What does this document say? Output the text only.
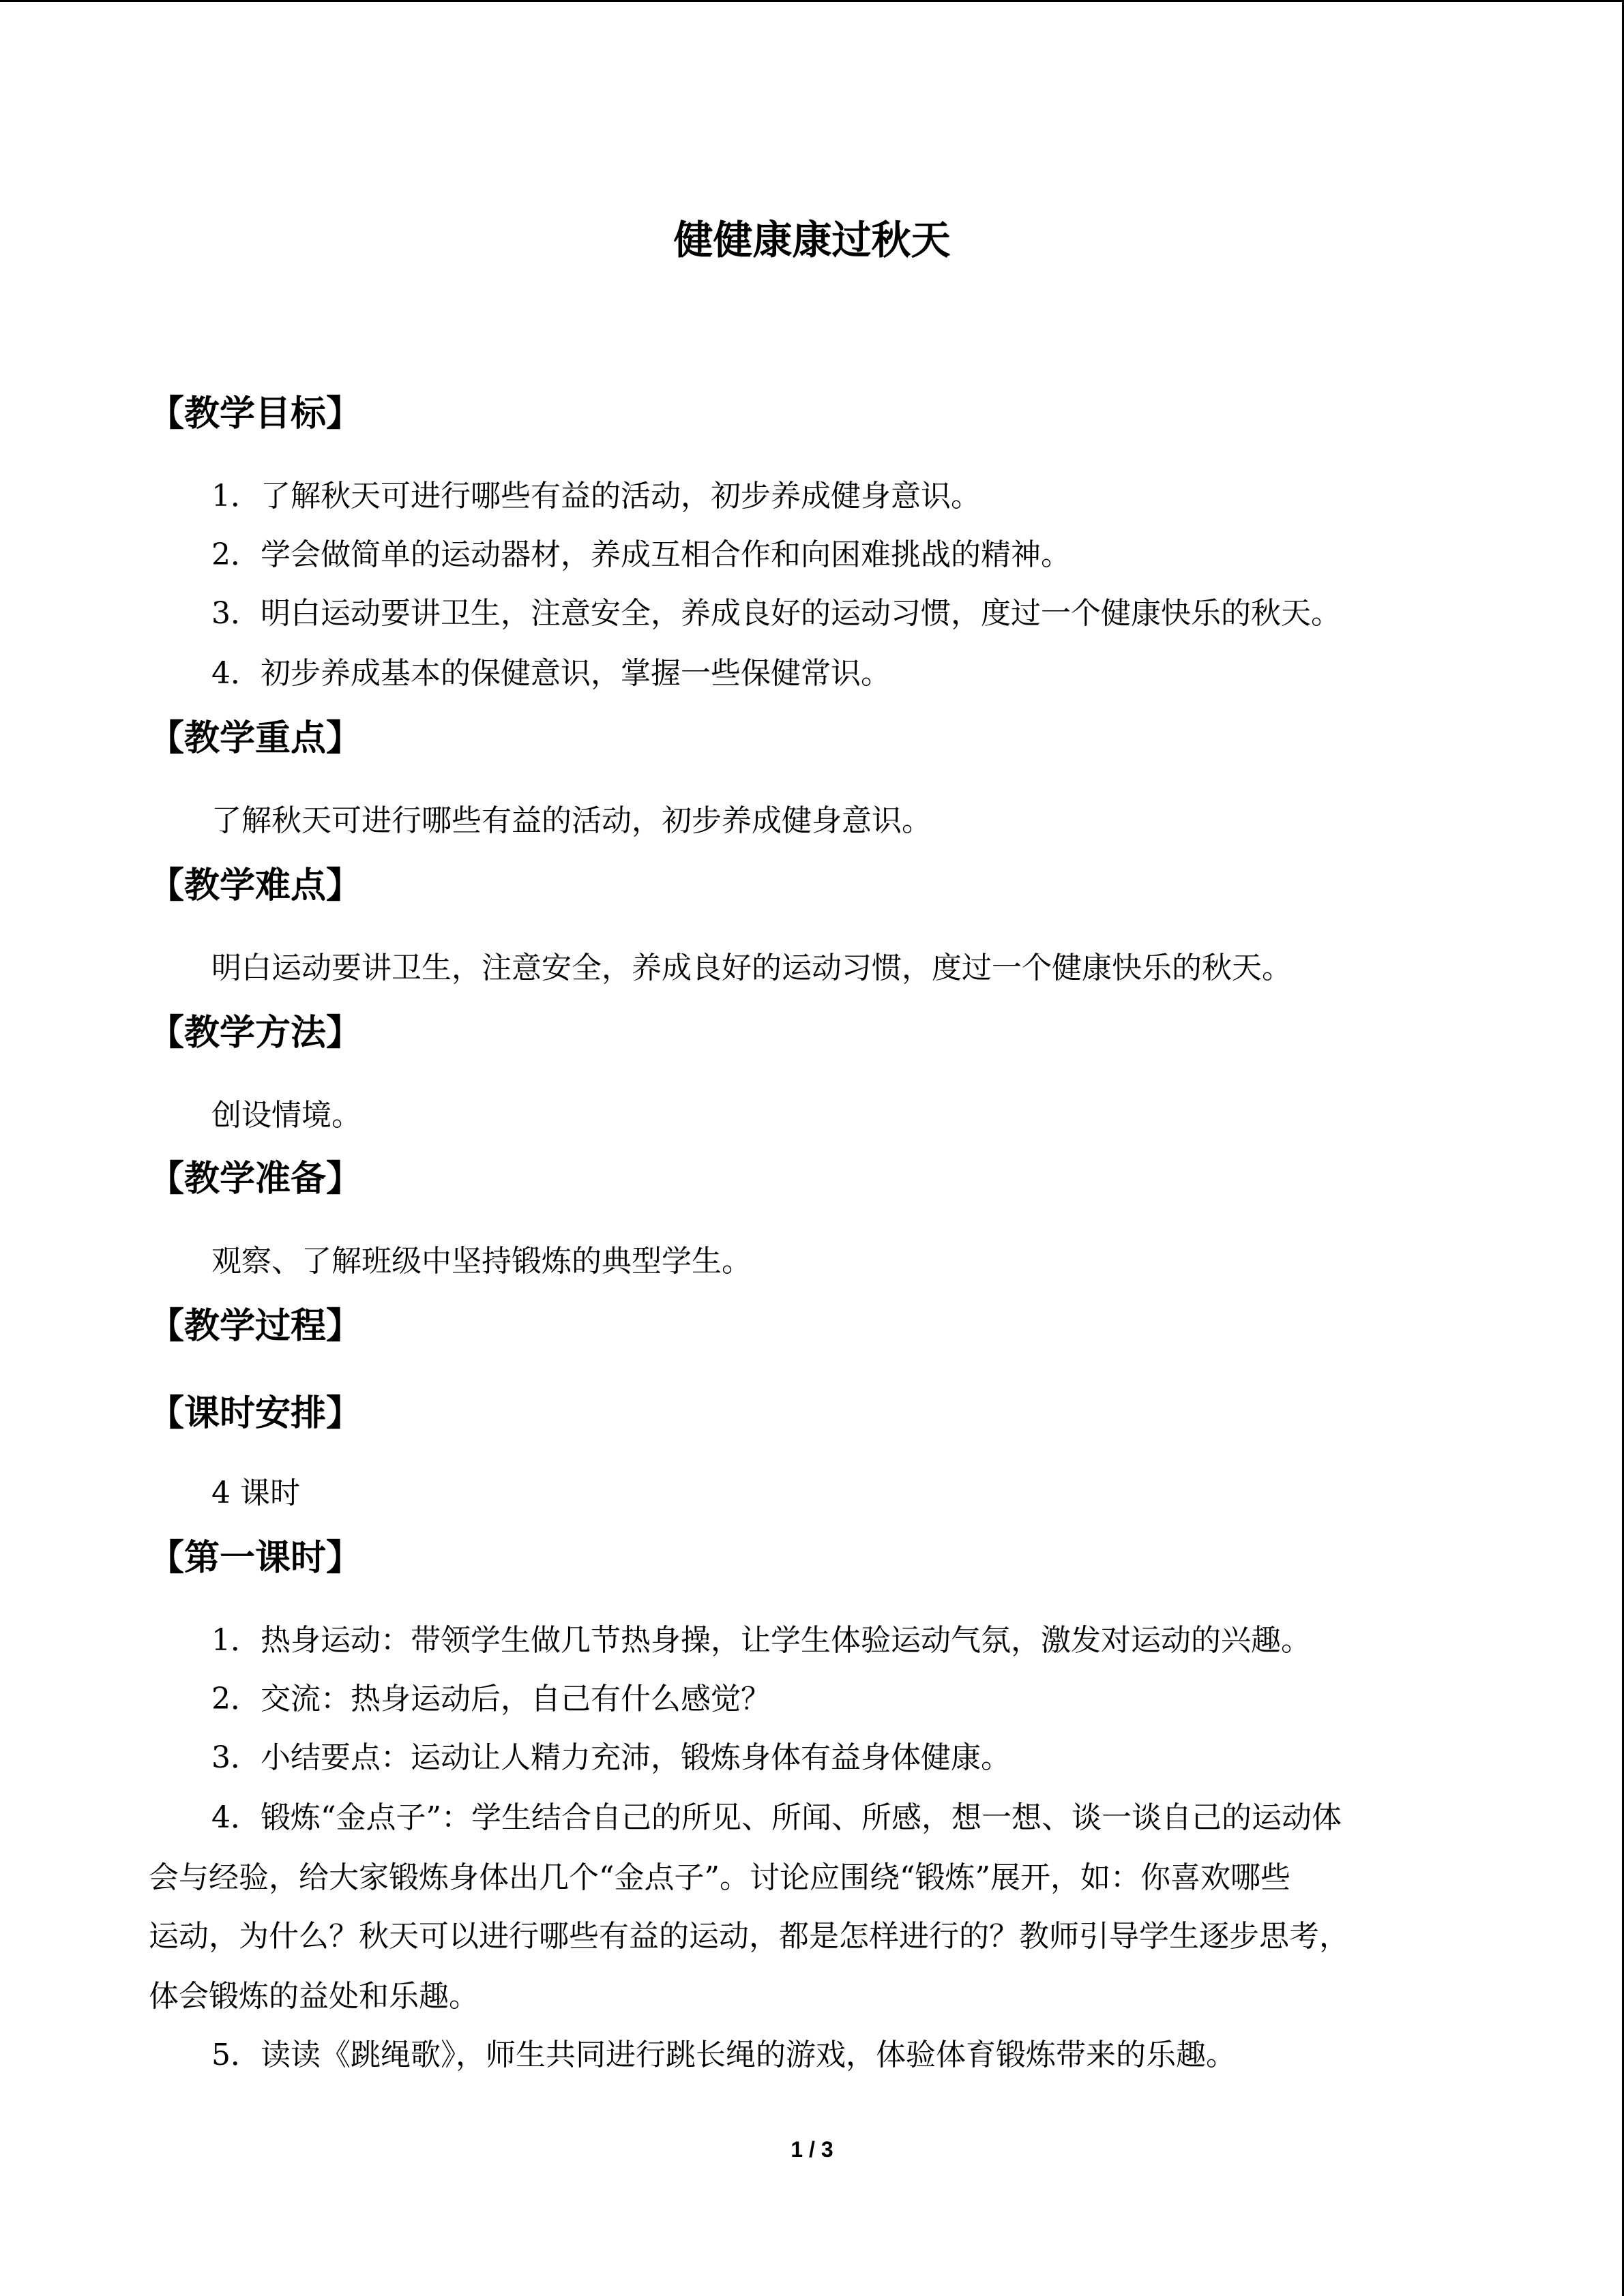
健健康康过秋天
【教学目标】
1．了解秋天可进行哪些有益的活动，初步养成健身意识。
2．学会做简单的运动器材，养成互相合作和向困难挑战的精神。
3．明白运动要讲卫生，注意安全，养成良好的运动习惯，度过一个健康快乐的秋天。
4．初步养成基本的保健意识，掌握一些保健常识。
【教学重点】
了解秋天可进行哪些有益的活动，初步养成健身意识。
【教学难点】
明白运动要讲卫生，注意安全，养成良好的运动习惯，度过一个健康快乐的秋天。
【教学方法】
创设情境。
【教学准备】
观察、了解班级中坚持锻炼的典型学生。
【教学过程】
【课时安排】
4 课时
【第一课时】
1．热身运动：带领学生做几节热身操，让学生体验运动气氛，激发对运动的兴趣。
2．交流：热身运动后，自己有什么感觉？
3．小结要点：运动让人精力充沛，锻炼身体有益身体健康。
4．锻炼“金点子”：学生结合自己的所见、所闻、所感，想一想、谈一谈自己的运动体
会与经验，给大家锻炼身体出几个“金点子”。讨论应围绕“锻炼”展开，如：你喜欢哪些
运动，为什么？秋天可以进行哪些有益的运动，都是怎样进行的？教师引导学生逐步思考，
体会锻炼的益处和乐趣。
5．读读《跳绳歌》，师生共同进行跳长绳的游戏，体验体育锻炼带来的乐趣。
1 / 3
